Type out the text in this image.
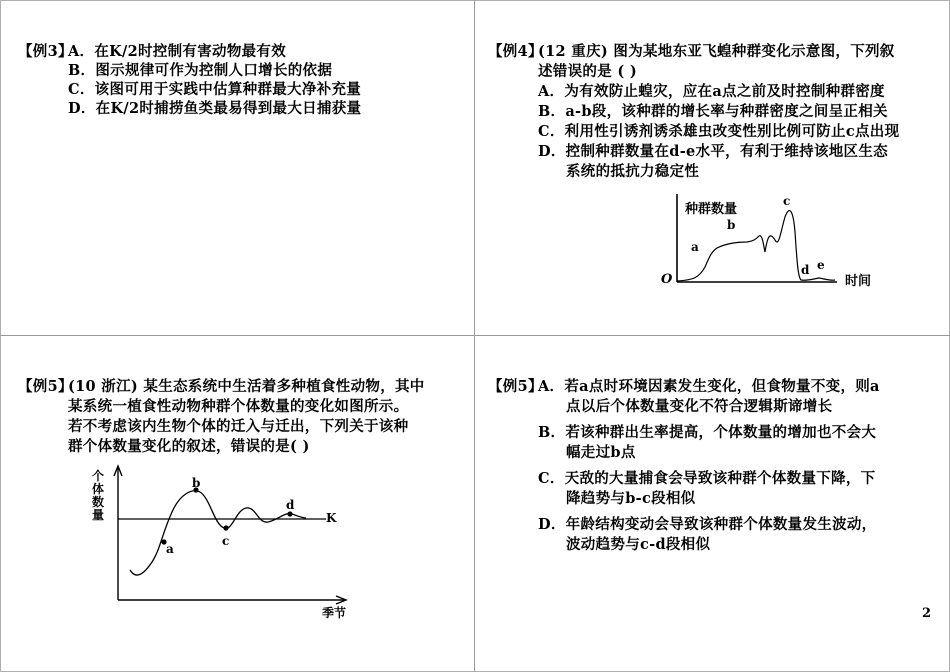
【例3】
A．在K/2时控制有害动物最有效
B．图示规律可作为控制人口增长的依据
C．该图可用于实践中估算种群最大净补充量
D．在K/2时捕捞鱼类最易得到最大日捕获量
【例4】
(12 重庆) 图为某地东亚飞蝗种群变化示意图，下列叙
述错误的是 ( )
A．为有效防止蝗灾，应在a点之前及时控制种群密度
B．a-b段，该种群的增长率与种群密度之间呈正相关
C．利用性引诱剂诱杀雄虫改变性别比例可防止c点出现
D．控制种群数量在d-e水平，有利于维持该地区生态
系统的抵抗力稳定性
种群数量
时间
O
a
b
c
d e
【例5】
(10 浙江) 某生态系统中生活着多种植食性动物，其中
某系统一植食性动物种群个体数量的变化如图所示。
若不考虑该内生物个体的迁入与迁出，下列关于该种
群个体数量变化的叙述，错误的是( )
个
体
数
量	K
季节
a
b
c
d
【例5】
A．若a点时环境因素发生变化，但食物量不变，则a
点以后个体数量变化不符合逻辑斯谛增长
B．若该种群出生率提高，个体数量的增加也不会大
幅走过b点
C．天敌的大量捕食会导致该种群个体数量下降，下
降趋势与b-c段相似
D．年龄结构变动会导致该种群个体数量发生波动，
波动趋势与c-d段相似
2
